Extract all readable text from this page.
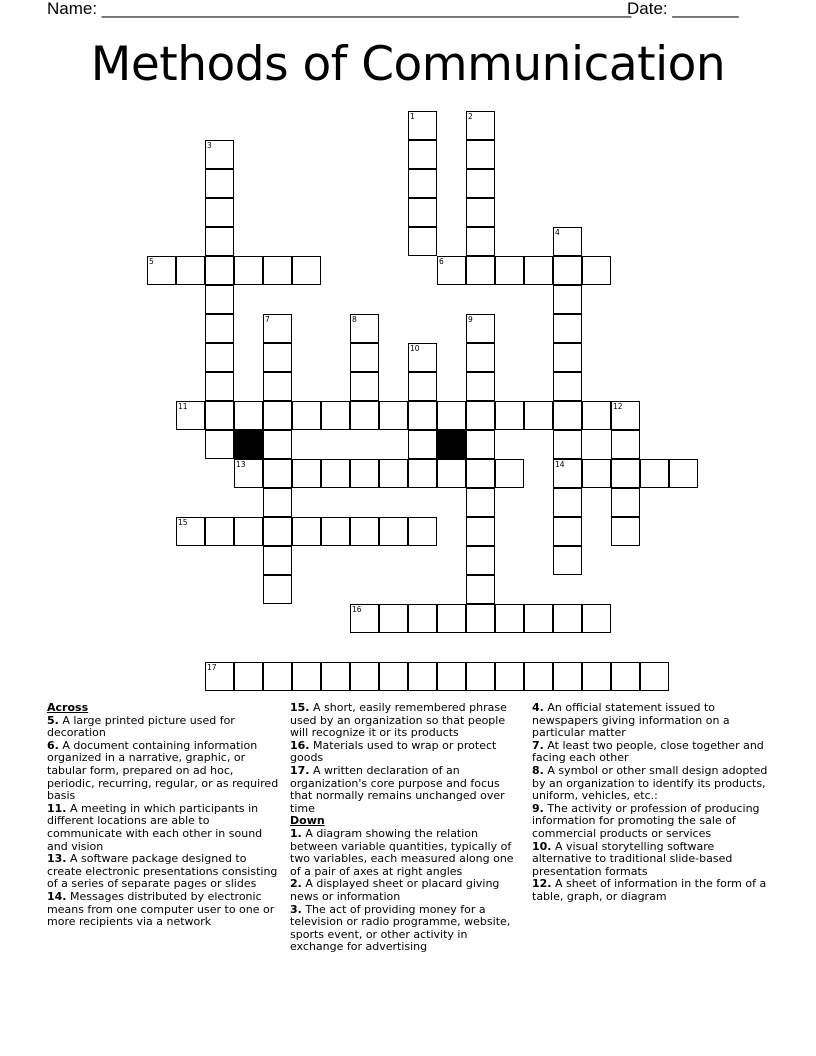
Name: ________________________________________________________
Date: _______
Methods of Communication
1	2
3
4
14
5	6
7	8	9
10
11	12
13
15
16
17
Across
5. A large printed picture used for decoration
6. A document containing information organized in a narrative, graphic, or tabular form, prepared on ad hoc, periodic, recurring, regular, or as required basis
11. A meeting in which participants in different locations are able to communicate with each other in sound and vision
13. A software package designed to create electronic presentations consisting of a series of separate pages or slides
14. Messages distributed by electronic means from one computer user to one or more recipients via a network
15. A short, easily remembered phrase used by an organization so that people will recognize it or its products
16. Materials used to wrap or protect goods
17. A written declaration of an organization's core purpose and focus that normally remains unchanged over time
Down
1. A diagram showing the relation between variable quantities, typically of two variables, each measured along one of a pair of axes at right angles
2. A displayed sheet or placard giving news or information
3. The act of providing money for a television or radio programme, website, sports event, or other activity in exchange for advertising
4. An official statement issued to newspapers giving information on a particular matter
7. At least two people, close together and facing each other
8. A symbol or other small design adopted by an organization to identify its products, uniform, vehicles, etc.:
9. The activity or profession of producing information for promoting the sale of commercial products or services
10. A visual storytelling software alternative to traditional slide-based presentation formats
12. A sheet of information in the form of a table, graph, or diagram
